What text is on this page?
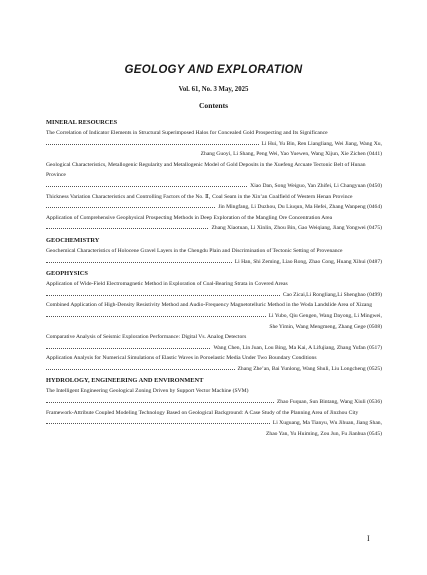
GEOLOGY AND EXPLORATION
Vol. 61, No. 3 May, 2025
Contents
MINERAL RESOURCES
The Correlation of Indicator Elements in Structural Superimposed Halos for Concealed Gold Prospecting and Its Significance
Li Hui, Yu Bin, Ren Liangliang, Wei Jiang, Wang Xu,
Zhang Guoyi, Li Shang, Peng Wei, Yao Yuewen, Wang Xijun, Xie Zichen (0441)
Geological Characteristics, Metallogenic Regularity and Metallogenic Model of Gold Deposits in the Xuefeng Arcuate Tectonic Belt of Hunan Province
Xiao Dan, Song Weiguo, Yan Zhifei, Li Changyuan (0450)
Thickness Variation Characteristics and Controlling Factors of the No. Ⅱ₁ Coal Seam in the Xin’an Coalfield of Western Henan Province
Jin Mingfang, Li Duzhou, Du Liuqun, Ma Hefei, Zhang Wanpeng (0464)
Application of Comprehensive Geophysical Prospecting Methods in Deep Exploration of the Mangling Ore Concentration Area
Zhang Xiaotuan, Li Xinlin, Zhou Bin, Gao Weiqiang, Jiang Yongwei (0475)
GEOCHEMISTRY
Geochemical Characteristics of Holocene Gravel Layers in the Chengdu Plain and Discrimination of Tectonic Setting of Provenance
Li Han, Shi Zeming, Liao Rong, Zhao Cong, Huang Xihui (0487)
GEOPHYSICS
Application of Wide-Field Electromagnetic Method in Exploration of Coal-Bearing Strata in Covered Areas
Cao Zicai,Li Rongliang,Li Shengbao (0499)
Combined Application of High-Density Resistivity Method and Audio-Frequency Magnetotelluric Method in the Woda Landslide Area of Xizang
Li Yubo, Qiu Gengen, Wang Dayong, Li Mingwei,
She Yimin, Wang Mengmeng, Zhang Gege (0508)
Comparative Analysis of Seismic Exploration Performance: Digital Vs. Analog Detectors
Wang Chen, Lin Juan, Lou Bing, Ma Kai, A Lifujiang, Zhang Yufan (0517)
Application Analysis for Numerical Simulations of Elastic Waves in Poroelastic Media Under Two Boundary Conditions
Zhang Zhe’an, Bai Yunlong, Wang Shuli, Liu Longcheng (0525)
HYDROLOGY, ENGINEERING AND ENVIRONMENT
The Intelligent Engineering Geological Zoning Driven by Support Vector Machine (SVM)
Zhao Fuquan, Sun Bintang, Wang Xiuli (0536)
Framework-Attribute Coupled Modeling Technology Based on Geological Background: A Case Study of the Planning Area of Jinzhou City
Li Xuguang, Ma Tianyu, Wu Jihuan, Jiang Shan,
Zhao Yan, Yu Huiming, Zou Jun, Fu Jianhua (0545)
I
